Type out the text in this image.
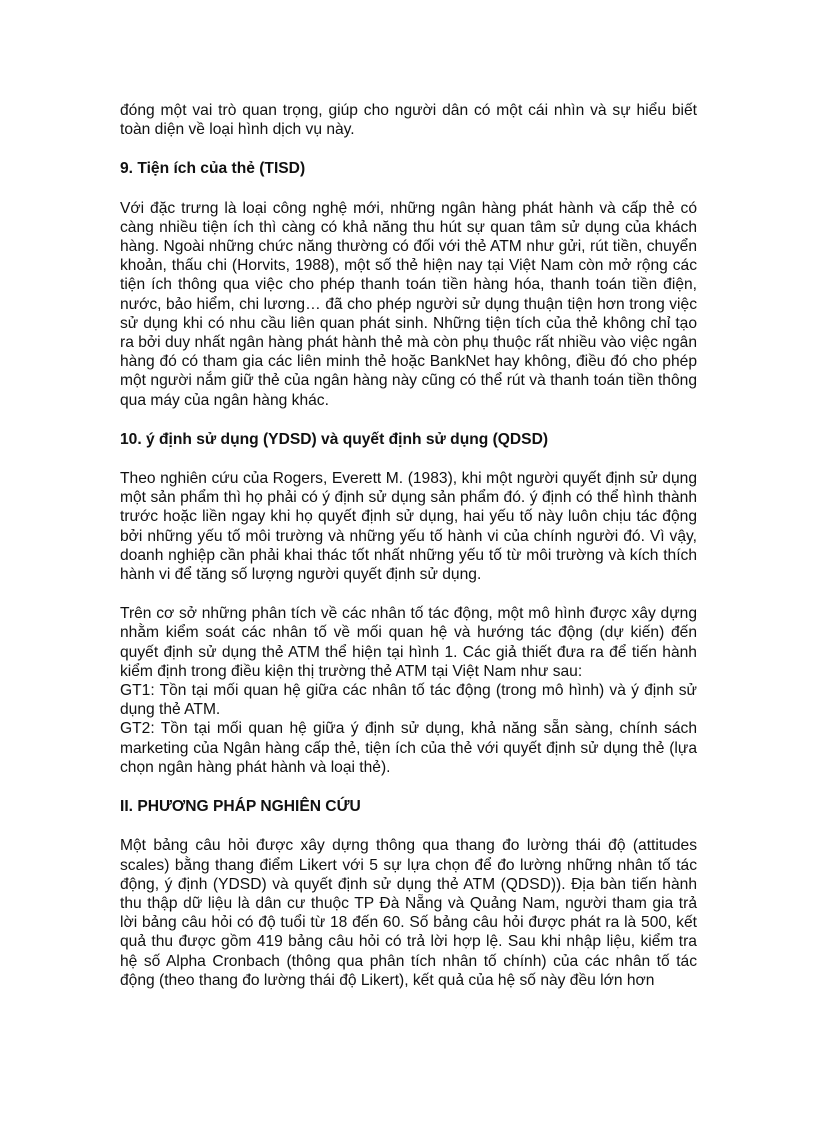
đóng một vai trò quan trọng, giúp cho người dân có một cái nhìn và sự hiểu biết toàn diện về loại hình dịch vụ này.

9. Tiện ích của thẻ (TISD)

Với đặc trưng là loại công nghệ mới, những ngân hàng phát hành và cấp thẻ có càng nhiều tiện ích thì càng có khả năng thu hút sự quan tâm sử dụng của khách hàng. Ngoài những chức năng thường có đối với thẻ ATM như gửi, rút tiền, chuyển khoản, thấu chi (Horvits, 1988), một số thẻ hiện nay tại Việt Nam còn mở rộng các tiện ích thông qua việc cho phép thanh toán tiền hàng hóa, thanh toán tiền điện, nước, bảo hiểm, chi lương… đã cho phép người sử dụng thuận tiện hơn trong việc sử dụng khi có nhu cầu liên quan phát sinh. Những tiện tích của thẻ không chỉ tạo ra bởi duy nhất ngân hàng phát hành thẻ mà còn phụ thuộc rất nhiều vào việc ngân hàng đó có tham gia các liên minh thẻ hoặc BankNet hay không, điều đó cho phép một người nắm giữ thẻ của ngân hàng này cũng có thể rút và thanh toán tiền thông qua máy của ngân hàng khác.

10. ý định sử dụng (YDSD) và quyết định sử dụng (QDSD)

Theo nghiên cứu của Rogers, Everett M. (1983), khi một người quyết định sử dụng một sản phẩm thì họ phải có ý định sử dụng sản phẩm đó. ý định có thể hình thành trước hoặc liền ngay khi họ quyết định sử dụng, hai yếu tố này luôn chịu tác động bởi những yếu tố môi trường và những yếu tố hành vi của chính người đó. Vì vậy, doanh nghiệp cần phải khai thác tốt nhất những yếu tố từ môi trường và kích thích hành vi để tăng số lượng người quyết định sử dụng.

Trên cơ sở những phân tích về các nhân tố tác động, một mô hình được xây dựng nhằm kiểm soát các nhân tố về mối quan hệ và hướng tác động (dự kiến) đến quyết định sử dụng thẻ ATM thể hiện tại hình 1. Các giả thiết đưa ra để tiến hành kiểm định trong điều kiện thị trường thẻ ATM tại Việt Nam như sau:

GT1: Tồn tại mối quan hệ giữa các nhân tố tác động (trong mô hình) và ý định sử dụng thẻ ATM.

GT2: Tồn tại mối quan hệ giữa ý định sử dụng, khả năng sẵn sàng, chính sách marketing của Ngân hàng cấp thẻ, tiện ích của thẻ với quyết định sử dụng thẻ (lựa chọn ngân hàng phát hành và loại thẻ).

II. PHƯƠNG PHÁP NGHIÊN CỨU

Một bảng câu hỏi được xây dựng thông qua thang đo lường thái độ (attitudes scales) bằng thang điểm Likert với 5 sự lựa chọn để đo lường những nhân tố tác động, ý định (YDSD) và quyết định sử dụng thẻ ATM (QDSD)). Địa bàn tiến hành thu thập dữ liệu là dân cư thuộc TP Đà Nẵng và Quảng Nam, người tham gia trả lời bảng câu hỏi có độ tuổi từ 18 đến 60. Số bảng câu hỏi được phát ra là 500, kết quả thu được gồm 419 bảng câu hỏi có trả lời hợp lệ. Sau khi nhập liệu, kiểm tra hệ số Alpha Cronbach (thông qua phân tích nhân tố chính) của các nhân tố tác động (theo thang đo lường thái độ Likert), kết quả của hệ số này đều lớn hơn
